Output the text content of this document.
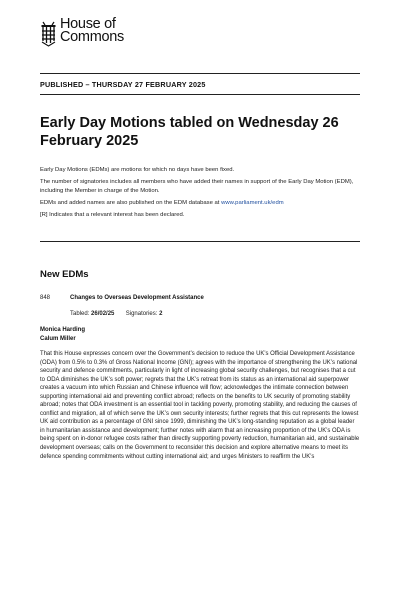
House of
Commons
PUBLISHED – THURSDAY 27 FEBRUARY 2025
Early Day Motions tabled on Wednesday 26 February 2025

Early Day Motions (EDMs) are motions for which no days have been fixed.

The number of signatories includes all members who have added their names in support of the Early Day Motion (EDM), including the Member in charge of the Motion.

EDMs and added names are also published on the EDM database at www.parliament.uk/edm

[R] Indicates that a relevant interest has been declared.

New EDMs
848	Changes to Overseas Development Assistance
Tabled: 26/02/25 Signatories: 2
Monica Harding
Calum Miller
That this House expresses concern over the Government’s decision to reduce the UK’s Official Development Assistance (ODA) from 0.5% to 0.3% of Gross National Income (GNI); agrees with the importance of strengthening the UK’s national security and defence commitments, particularly in light of increasing global security challenges, but recognises that a cut to ODA diminishes the UK’s soft power; regrets that the UK’s retreat from its status as an international aid superpower creates a vacuum into which Russian and Chinese influence will flow; acknowledges the intimate connection between supporting international aid and preventing conflict abroad; reflects on the benefits to UK security of promoting stability abroad; notes that ODA investment is an essential tool in tackling poverty, promoting stability, and reducing the causes of conflict and migration, all of which serve the UK’s own security interests; further regrets that this cut represents the lowest UK aid contribution as a percentage of GNI since 1999, diminishing the UK’s long-standing reputation as a global leader in humanitarian assistance and development; further notes with alarm that an increasing proportion of the UK’s ODA is being spent on in-donor refugee costs rather than directly supporting poverty reduction, humanitarian aid, and sustainable development overseas; calls on the Government to reconsider this decision and explore alternative means to meet its defence spending commitments without cutting international aid; and urges Ministers to reaffirm the UK’s
